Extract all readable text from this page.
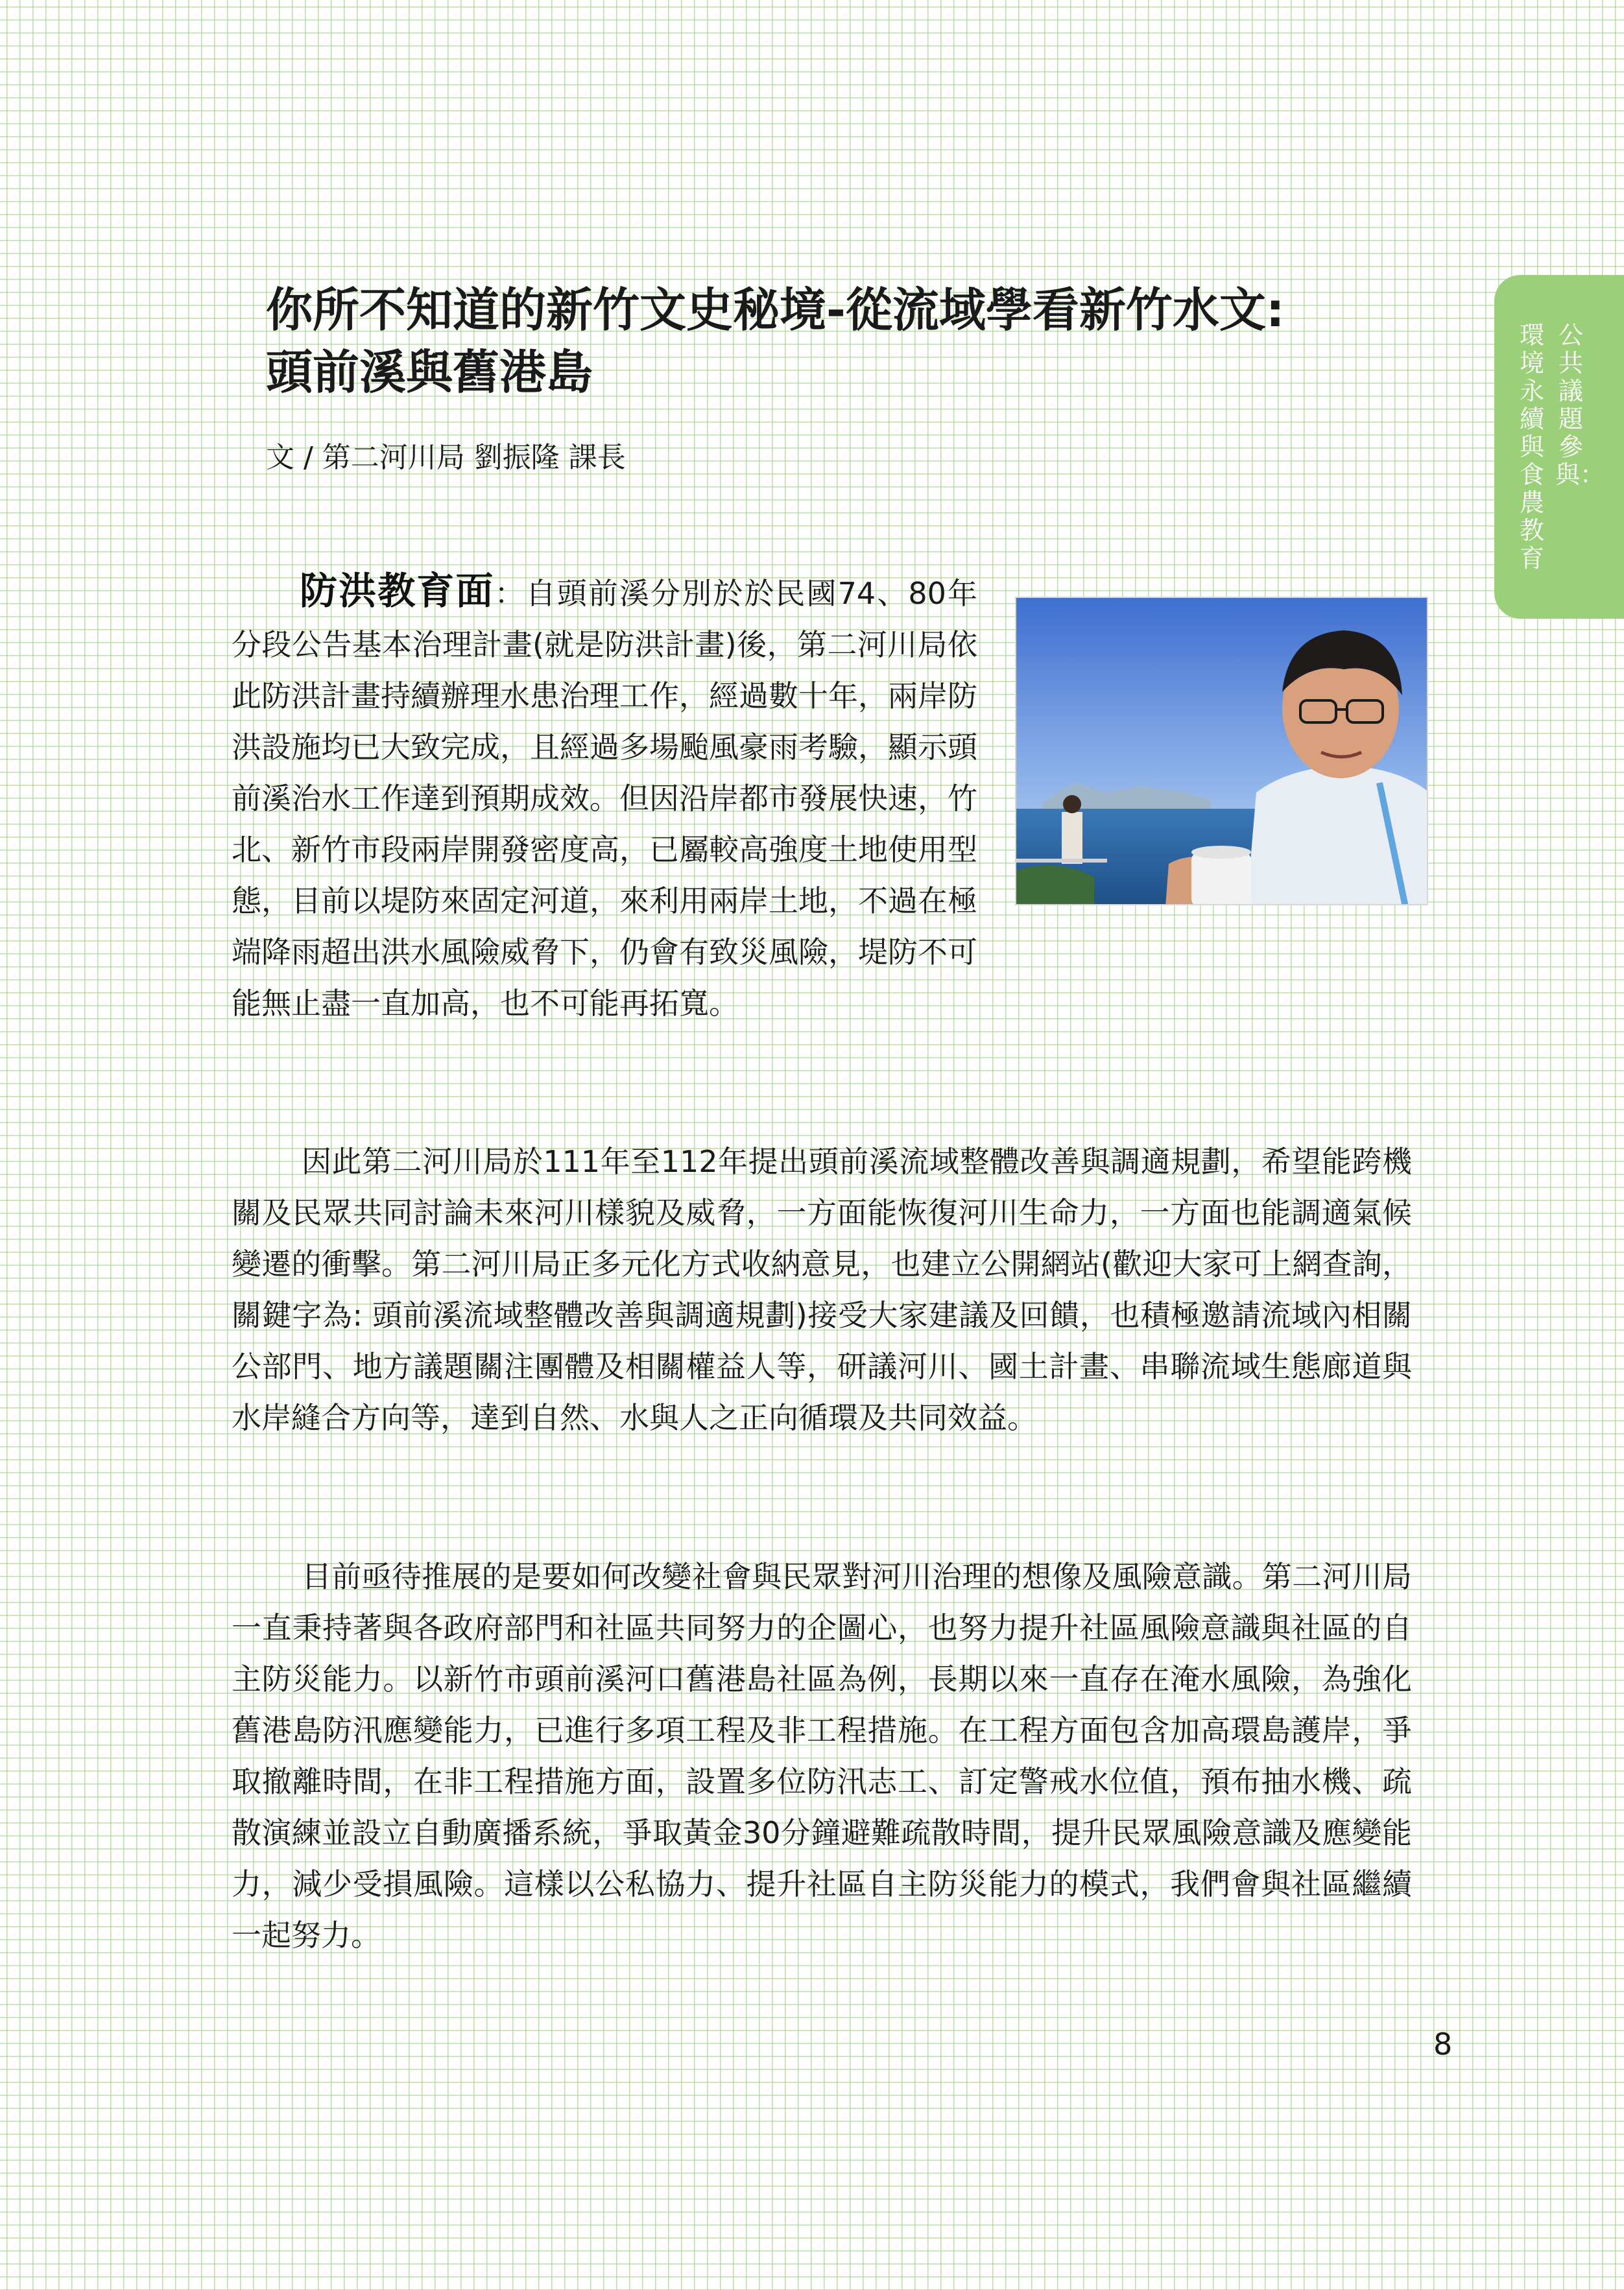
公共議題參與：
環境永續與食農教育
你所不知道的新竹文史秘境-從流域學看新竹水文:
頭前溪與舊港島
文 / 第二河川局 劉振隆 課長

防洪教育面：自頭前溪分別於於民國74、80年分段公告基本治理計畫(就是防洪計畫)後，第二河川局依此防洪計畫持續辦理水患治理工作，經過數十年，兩岸防洪設施均已大致完成，且經過多場颱風豪雨考驗，顯示頭前溪治水工作達到預期成效。但因沿岸都市發展快速，竹北、新竹市段兩岸開發密度高，已屬較高強度土地使用型態，目前以堤防來固定河道，來利用兩岸土地，不過在極端降雨超出洪水風險威脅下，仍會有致災風險，堤防不可能無止盡一直加高，也不可能再拓寬。

因此第二河川局於111年至112年提出頭前溪流域整體改善與調適規劃，希望能跨機關及民眾共同討論未來河川樣貌及威脅，一方面能恢復河川生命力，一方面也能調適氣候變遷的衝擊。第二河川局正多元化方式收納意見，也建立公開網站(歡迎大家可上網查詢，關鍵字為: 頭前溪流域整體改善與調適規劃)接受大家建議及回饋，也積極邀請流域內相關公部門、地方議題關注團體及相關權益人等，研議河川、國土計畫、串聯流域生態廊道與水岸縫合方向等，達到自然、水與人之正向循環及共同效益。

目前亟待推展的是要如何改變社會與民眾對河川治理的想像及風險意識。第二河川局一直秉持著與各政府部門和社區共同努力的企圖心，也努力提升社區風險意識與社區的自主防災能力。以新竹市頭前溪河口舊港島社區為例，長期以來一直存在淹水風險，為強化舊港島防汛應變能力，已進行多項工程及非工程措施。在工程方面包含加高環島護岸，爭取撤離時間，在非工程措施方面，設置多位防汛志工、訂定警戒水位值，預布抽水機、疏散演練並設立自動廣播系統，爭取黃金30分鐘避難疏散時間，提升民眾風險意識及應變能力，減少受損風險。這樣以公私協力、提升社區自主防災能力的模式，我們會與社區繼續一起努力。

8
